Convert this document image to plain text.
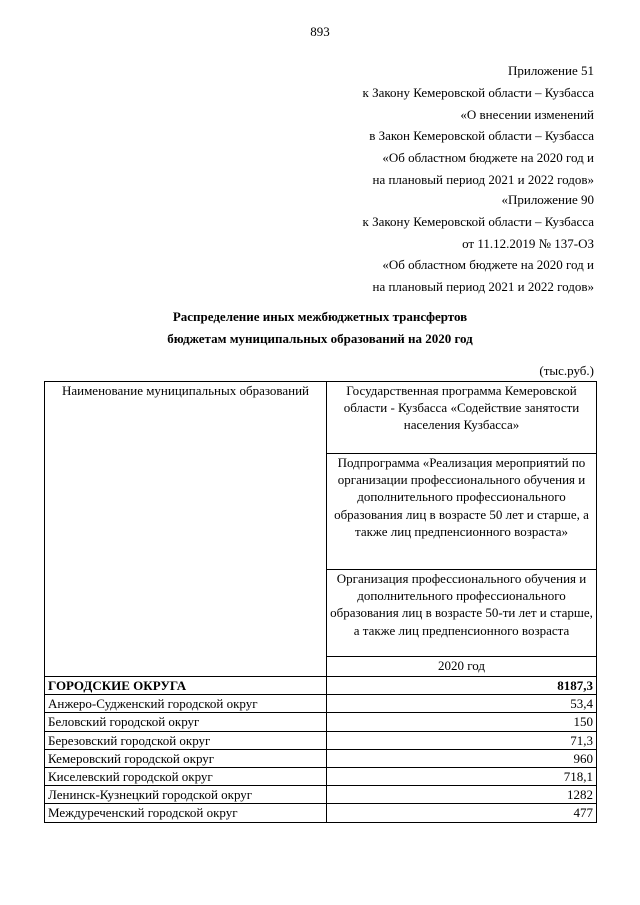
893
Приложение 51
к Закону Кемеровской области – Кузбасса
«О внесении изменений
в Закон Кемеровской области – Кузбасса
«Об областном бюджете на 2020 год и
на плановый период 2021 и 2022 годов»
«Приложение 90
к Закону Кемеровской области – Кузбасса
от 11.12.2019 № 137-ОЗ
«Об областном бюджете на 2020 год и
на плановый период 2021 и 2022 годов»
Распределение иных межбюджетных трансфертов
бюджетам муниципальных образований на 2020 год
(тыс.руб.)
Наименование муниципальных образований	Государственная программа Кемеровской области - Кузбасса «Содействие занятости населения Кузбасса»
	Подпрограмма «Реализация мероприятий по организации профессионального обучения и дополнительного профессионального образования лиц в возрасте 50 лет и старше, а также лиц предпенсионного возраста»
	Организация профессионального обучения и дополнительного профессионального образования лиц в возрасте 50-ти лет и старше, а также лиц предпенсионного возраста
	2020 год
ГОРОДСКИЕ ОКРУГА	8187,3
Анжеро-Судженский городской округ	53,4
Беловский городской округ	150
Березовский городской округ	71,3
Кемеровский городской округ	960
Киселевский городской округ	718,1
Ленинск-Кузнецкий городской округ	1282
Междуреченский городской округ	477
